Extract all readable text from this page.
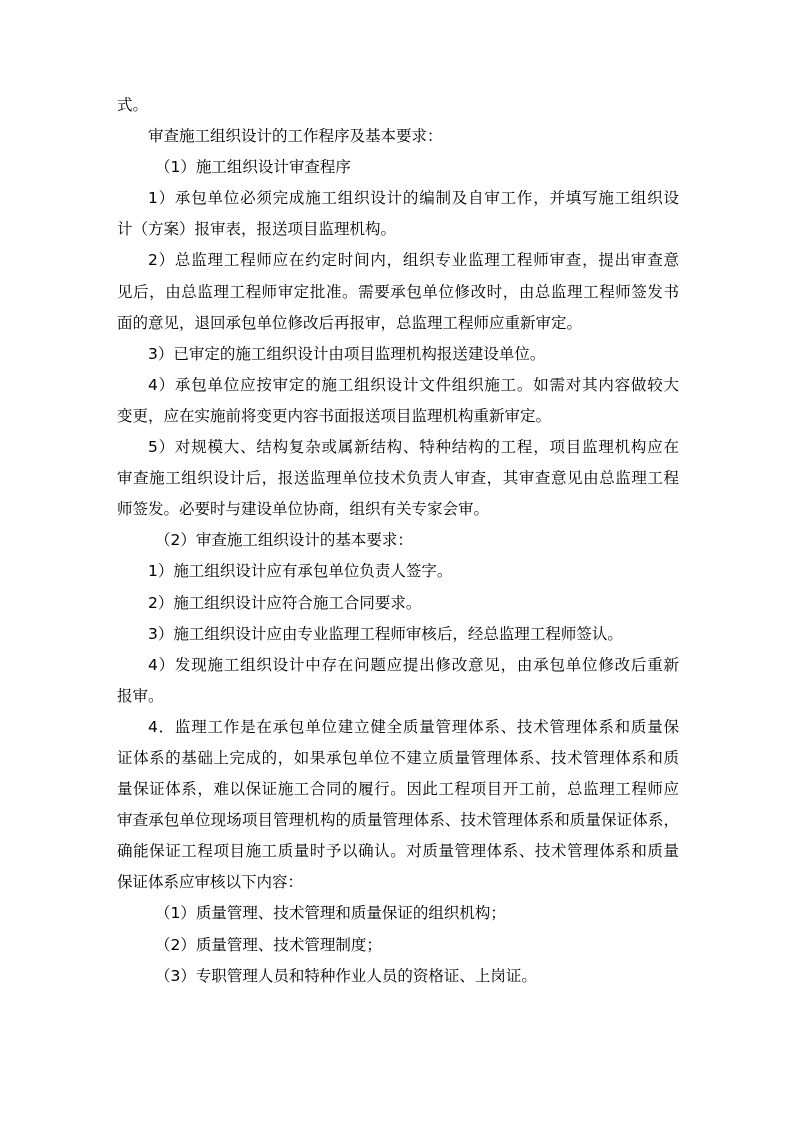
式。
审查施工组织设计的工作程序及基本要求：
（1）施工组织设计审查程序
1）承包单位必须完成施工组织设计的编制及自审工作，并填写施工组织设
计（方案）报审表，报送项目监理机构。
2）总监理工程师应在约定时间内，组织专业监理工程师审查，提出审查意
见后，由总监理工程师审定批准。需要承包单位修改时，由总监理工程师签发书
面的意见，退回承包单位修改后再报审，总监理工程师应重新审定。
3）已审定的施工组织设计由项目监理机构报送建设单位。
4）承包单位应按审定的施工组织设计文件组织施工。如需对其内容做较大
变更，应在实施前将变更内容书面报送项目监理机构重新审定。
5）对规模大、结构复杂或属新结构、特种结构的工程，项目监理机构应在
审查施工组织设计后，报送监理单位技术负责人审查，其审查意见由总监理工程
师签发。必要时与建设单位协商，组织有关专家会审。
（2）审查施工组织设计的基本要求：
1）施工组织设计应有承包单位负责人签字。
2）施工组织设计应符合施工合同要求。
3）施工组织设计应由专业监理工程师审核后，经总监理工程师签认。
4）发现施工组织设计中存在问题应提出修改意见，由承包单位修改后重新
报审。
4．监理工作是在承包单位建立健全质量管理体系、技术管理体系和质量保
证体系的基础上完成的，如果承包单位不建立质量管理体系、技术管理体系和质
量保证体系，难以保证施工合同的履行。因此工程项目开工前，总监理工程师应
审查承包单位现场项目管理机构的质量管理体系、技术管理体系和质量保证体系，
确能保证工程项目施工质量时予以确认。对质量管理体系、技术管理体系和质量
保证体系应审核以下内容：
（1）质量管理、技术管理和质量保证的组织机构；
（2）质量管理、技术管理制度；
（3）专职管理人员和特种作业人员的资格证、上岗证。
